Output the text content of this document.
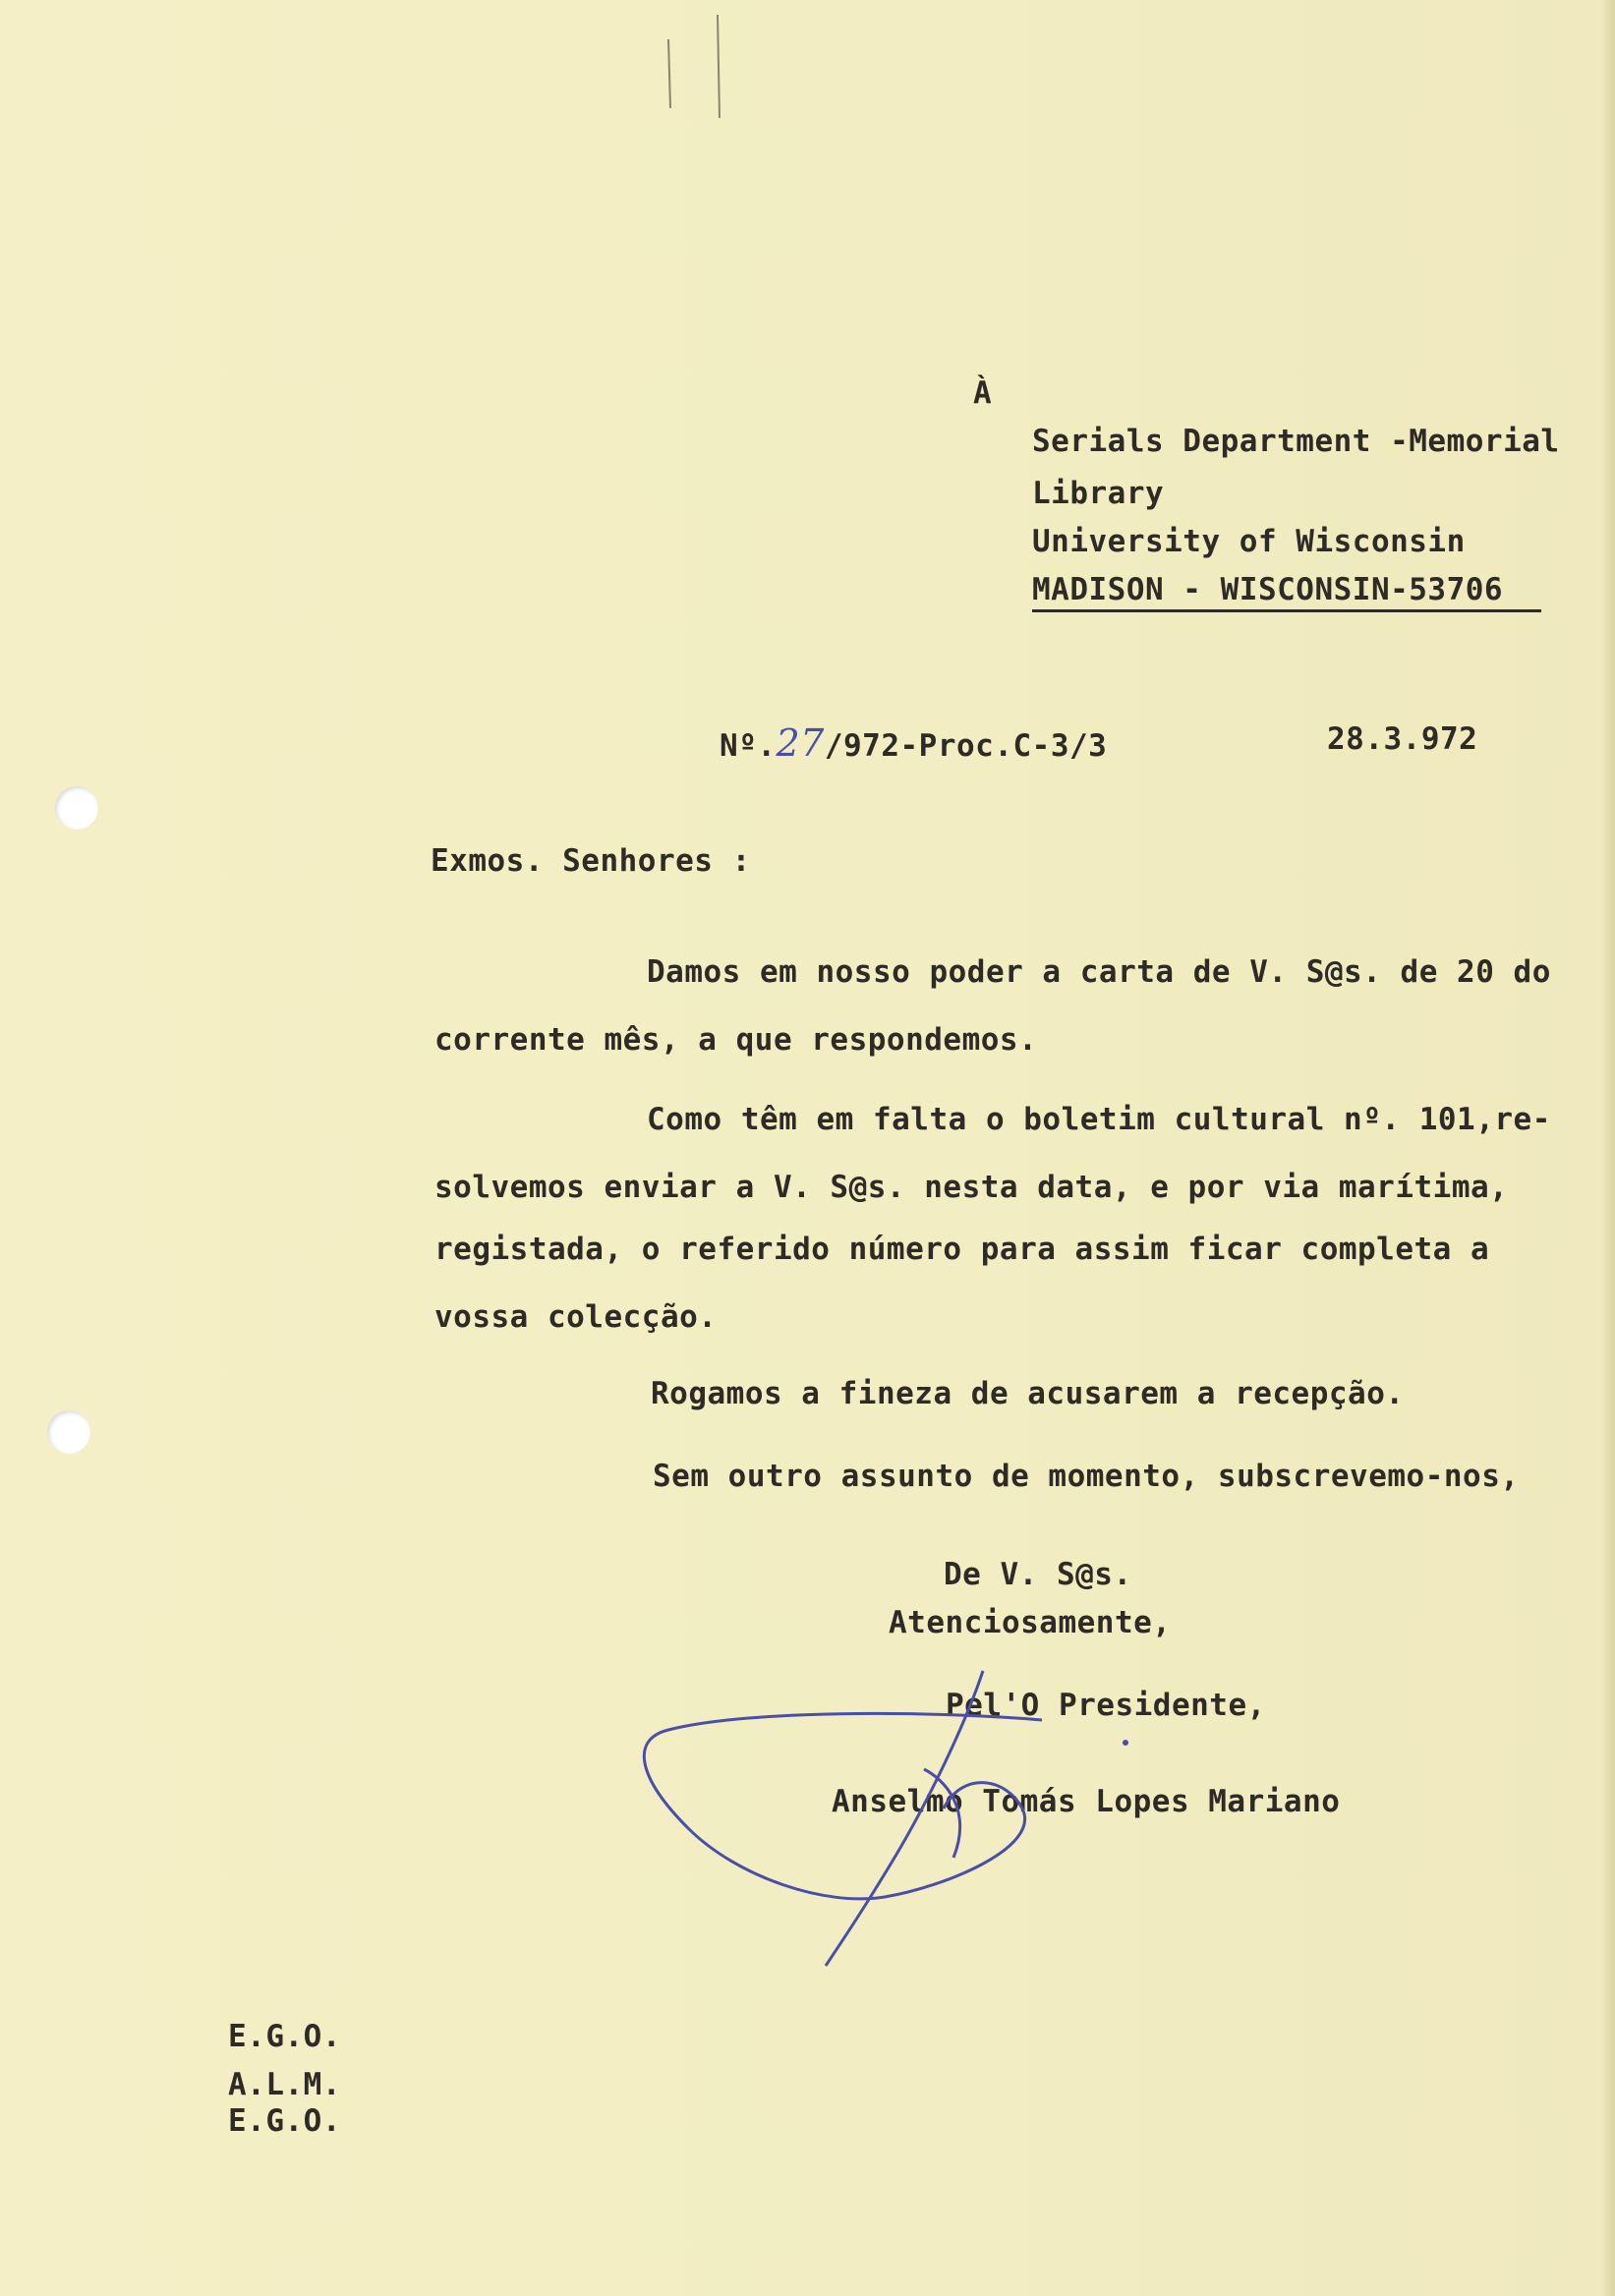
À
Serials Department -Memorial
Library
University of Wisconsin
MADISON - WISCONSIN-53706
Nº.27/972-Proc.C-3/3	28.3.972
Exmos. Senhores :
Damos em nosso poder a carta de V. S@s. de 20 do
corrente mês, a que respondemos.
Como têm em falta o boletim cultural nº. 101,re-
solvemos enviar a V. S@s. nesta data, e por via marítima,
registada, o referido número para assim ficar completa a
vossa colecção.
Rogamos a fineza de acusarem a recepção.
Sem outro assunto de momento, subscrevemo-nos,
De V. S@s.
Atenciosamente,
Pel'O Presidente,
Anselmo Tomás Lopes Mariano
E.G.O.
A.L.M.
E.G.O.
